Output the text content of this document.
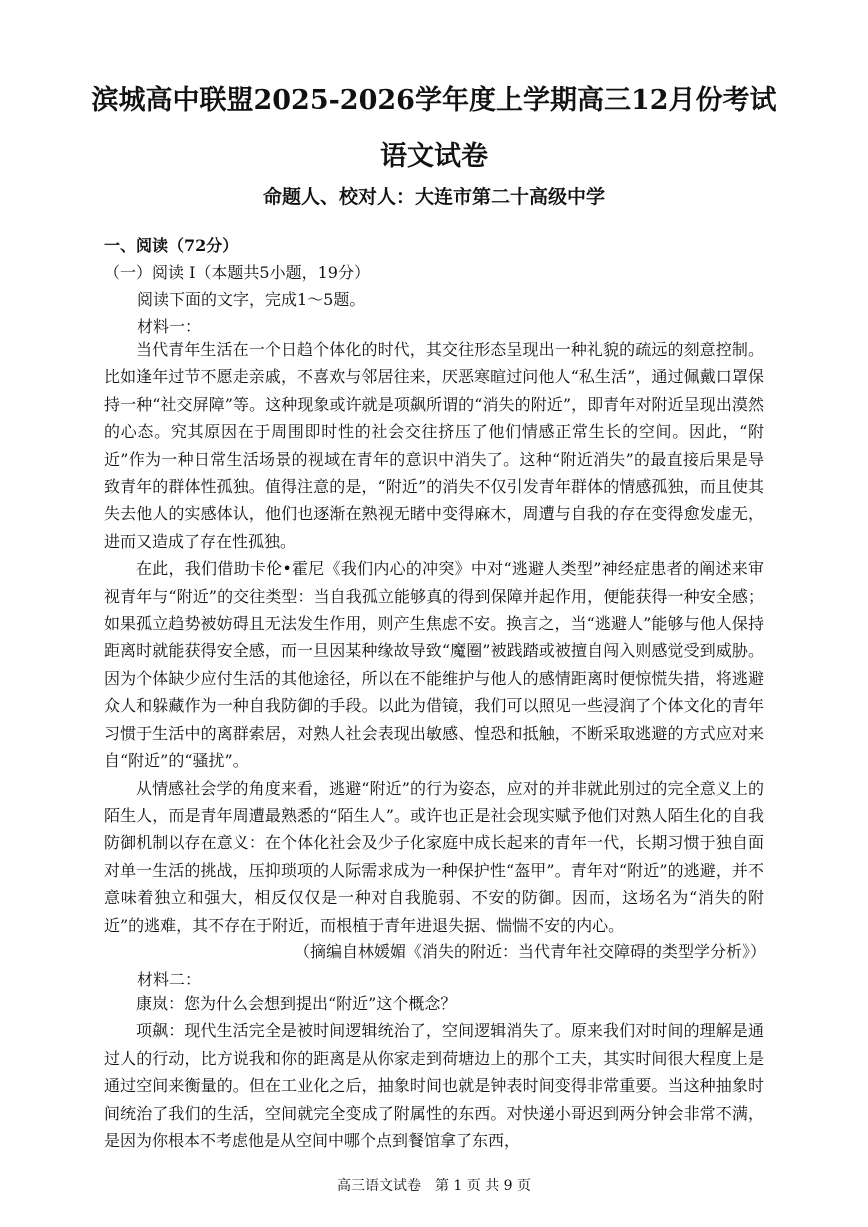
滨城高中联盟2025-2026学年度上学期高三12月份考试
语文试卷
命题人、校对人：大连市第二十高级中学
一、阅读（72分）
（一）阅读 I（本题共5小题，19分）
阅读下面的文字，完成1～5题。
材料一：

当代青年生活在一个日趋个体化的时代，其交往形态呈现出一种礼貌的疏远的刻意控制。比如逢年过节不愿走亲戚，不喜欢与邻居往来，厌恶寒暄过问他人“私生活”，通过佩戴口罩保持一种“社交屏障”等。这种现象或许就是项飙所谓的“消失的附近”，即青年对附近呈现出漠然的心态。究其原因在于周围即时性的社会交往挤压了他们情感正常生长的空间。因此，“附近”作为一种日常生活场景的视域在青年的意识中消失了。这种“附近消失”的最直接后果是导致青年的群体性孤独。值得注意的是，“附近”的消失不仅引发青年群体的情感孤独，而且使其失去他人的实感体认，他们也逐渐在熟视无睹中变得麻木，周遭与自我的存在变得愈发虚无，进而又造成了存在性孤独。

在此，我们借助卡伦•霍尼《我们内心的冲突》中对“逃避人类型”神经症患者的阐述来审视青年与“附近”的交往类型：当自我孤立能够真的得到保障并起作用，便能获得一种安全感；如果孤立趋势被妨碍且无法发生作用，则产生焦虑不安。换言之，当“逃避人”能够与他人保持距离时就能获得安全感，而一旦因某种缘故导致“魔圈”被践踏或被擅自闯入则感觉受到威胁。因为个体缺少应付生活的其他途径，所以在不能维护与他人的感情距离时便惊慌失措，将逃避众人和躲藏作为一种自我防御的手段。以此为借镜，我们可以照见一些浸润了个体文化的青年习惯于生活中的离群索居，对熟人社会表现出敏感、惶恐和抵触，不断采取逃避的方式应对来自“附近”的“骚扰”。

从情感社会学的角度来看，逃避“附近”的行为姿态，应对的并非就此别过的完全意义上的陌生人，而是青年周遭最熟悉的“陌生人”。或许也正是社会现实赋予他们对熟人陌生化的自我防御机制以存在意义：在个体化社会及少子化家庭中成长起来的青年一代，长期习惯于独自面对单一生活的挑战，压抑琐项的人际需求成为一种保护性“盔甲”。青年对“附近”的逃避，并不意味着独立和强大，相反仅仅是一种对自我脆弱、不安的防御。因而，这场名为“消失的附近”的逃难，其不存在于附近，而根植于青年进退失据、惴惴不安的内心。

（摘编自林媛媚《消失的附近：当代青年社交障碍的类型学分析》）
材料二：

康岚：您为什么会想到提出“附近”这个概念？

项飙：现代生活完全是被时间逻辑统治了，空间逻辑消失了。原来我们对时间的理解是通过人的行动，比方说我和你的距离是从你家走到荷塘边上的那个工夫，其实时间很大程度上是通过空间来衡量的。但在工业化之后，抽象时间也就是钟表时间变得非常重要。当这种抽象时间统治了我们的生活，空间就完全变成了附属性的东西。对快递小哥迟到两分钟会非常不满，是因为你根本不考虑他是从空间中哪个点到餐馆拿了东西，

高三语文试卷　第 1 页 共 9 页
